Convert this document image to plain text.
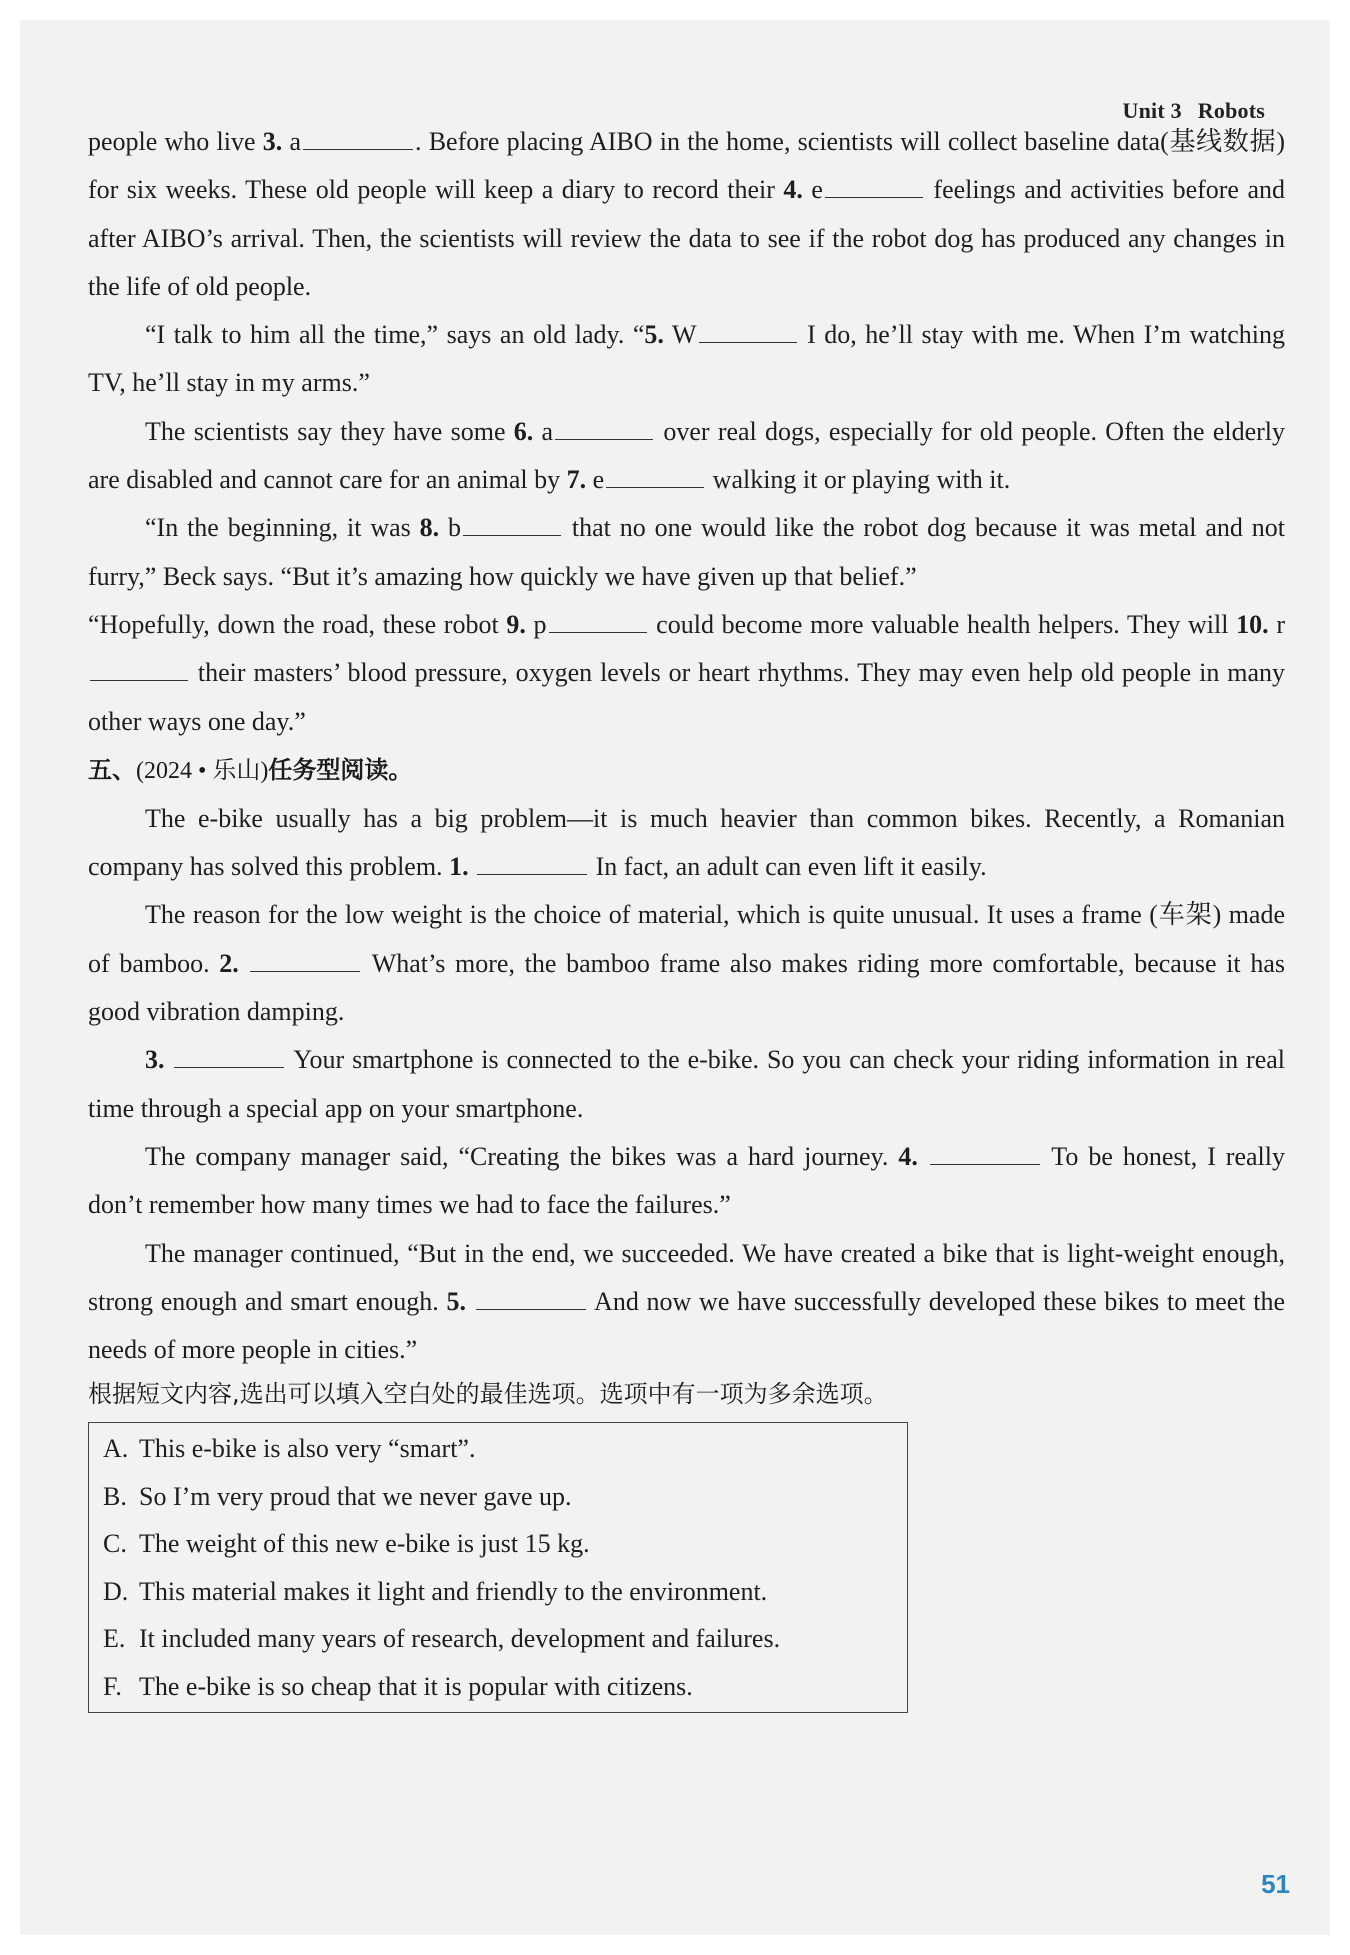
Unit 3 Robots

people who live 3. a	. Before placing AIBO in the home, scientists will collect baseline data(基线数据) for six weeks. These old people will keep a diary to record their 4. e	feelings and activities before and after AIBO’s arrival. Then, the scientists will review the data to see if the robot dog has produced any changes in the life of old people.

“I talk to him all the time,” says an old lady. “5. W	I do, he’ll stay with me. When I’m watching TV, he’ll stay in my arms.”

The scientists say they have some 6. a	over real dogs, especially for old people. Often the elderly are disabled and cannot care for an animal by 7. e	walking it or playing with it.

“In the beginning, it was 8. b	that no one would like the robot dog because it was metal and not furry,” Beck says. “But it’s amazing how quickly we have given up that belief.”

“Hopefully, down the road, these robot 9. p	could become more valuable health helpers. They will 10. r their masters’ blood pressure, oxygen levels or heart rhythms. They may even help old people in many other ways one day.”

五、(2024 • 乐山)任务型阅读。

The e-bike usually has a big problem—it is much heavier than common bikes. Recently, a Romanian company has solved this problem. 1.	In fact, an adult can even lift it easily.

The reason for the low weight is the choice of material, which is quite unusual. It uses a frame (车架) made of bamboo. 2.	What’s more, the bamboo frame also makes riding more comfortable, because it has good vibration damping.

3.	Your smartphone is connected to the e-bike. So you can check your riding information in real time through a special app on your smartphone.

The company manager said, “Creating the bikes was a hard journey. 4.	To be honest, I really don’t remember how many times we had to face the failures.”

The manager continued, “But in the end, we succeeded. We have created a bike that is light-weight enough, strong enough and smart enough. 5.	And now we have successfully developed these bikes to meet the needs of more people in cities.”

根据短文内容,选出可以填入空白处的最佳选项。选项中有一项为多余选项。

A. This e-bike is also very “smart”.
B. So I’m very proud that we never gave up.
C. The weight of this new e-bike is just 15 kg.
D. This material makes it light and friendly to the environment.
E. It included many years of research, development and failures.
F. The e-bike is so cheap that it is popular with citizens.
51
